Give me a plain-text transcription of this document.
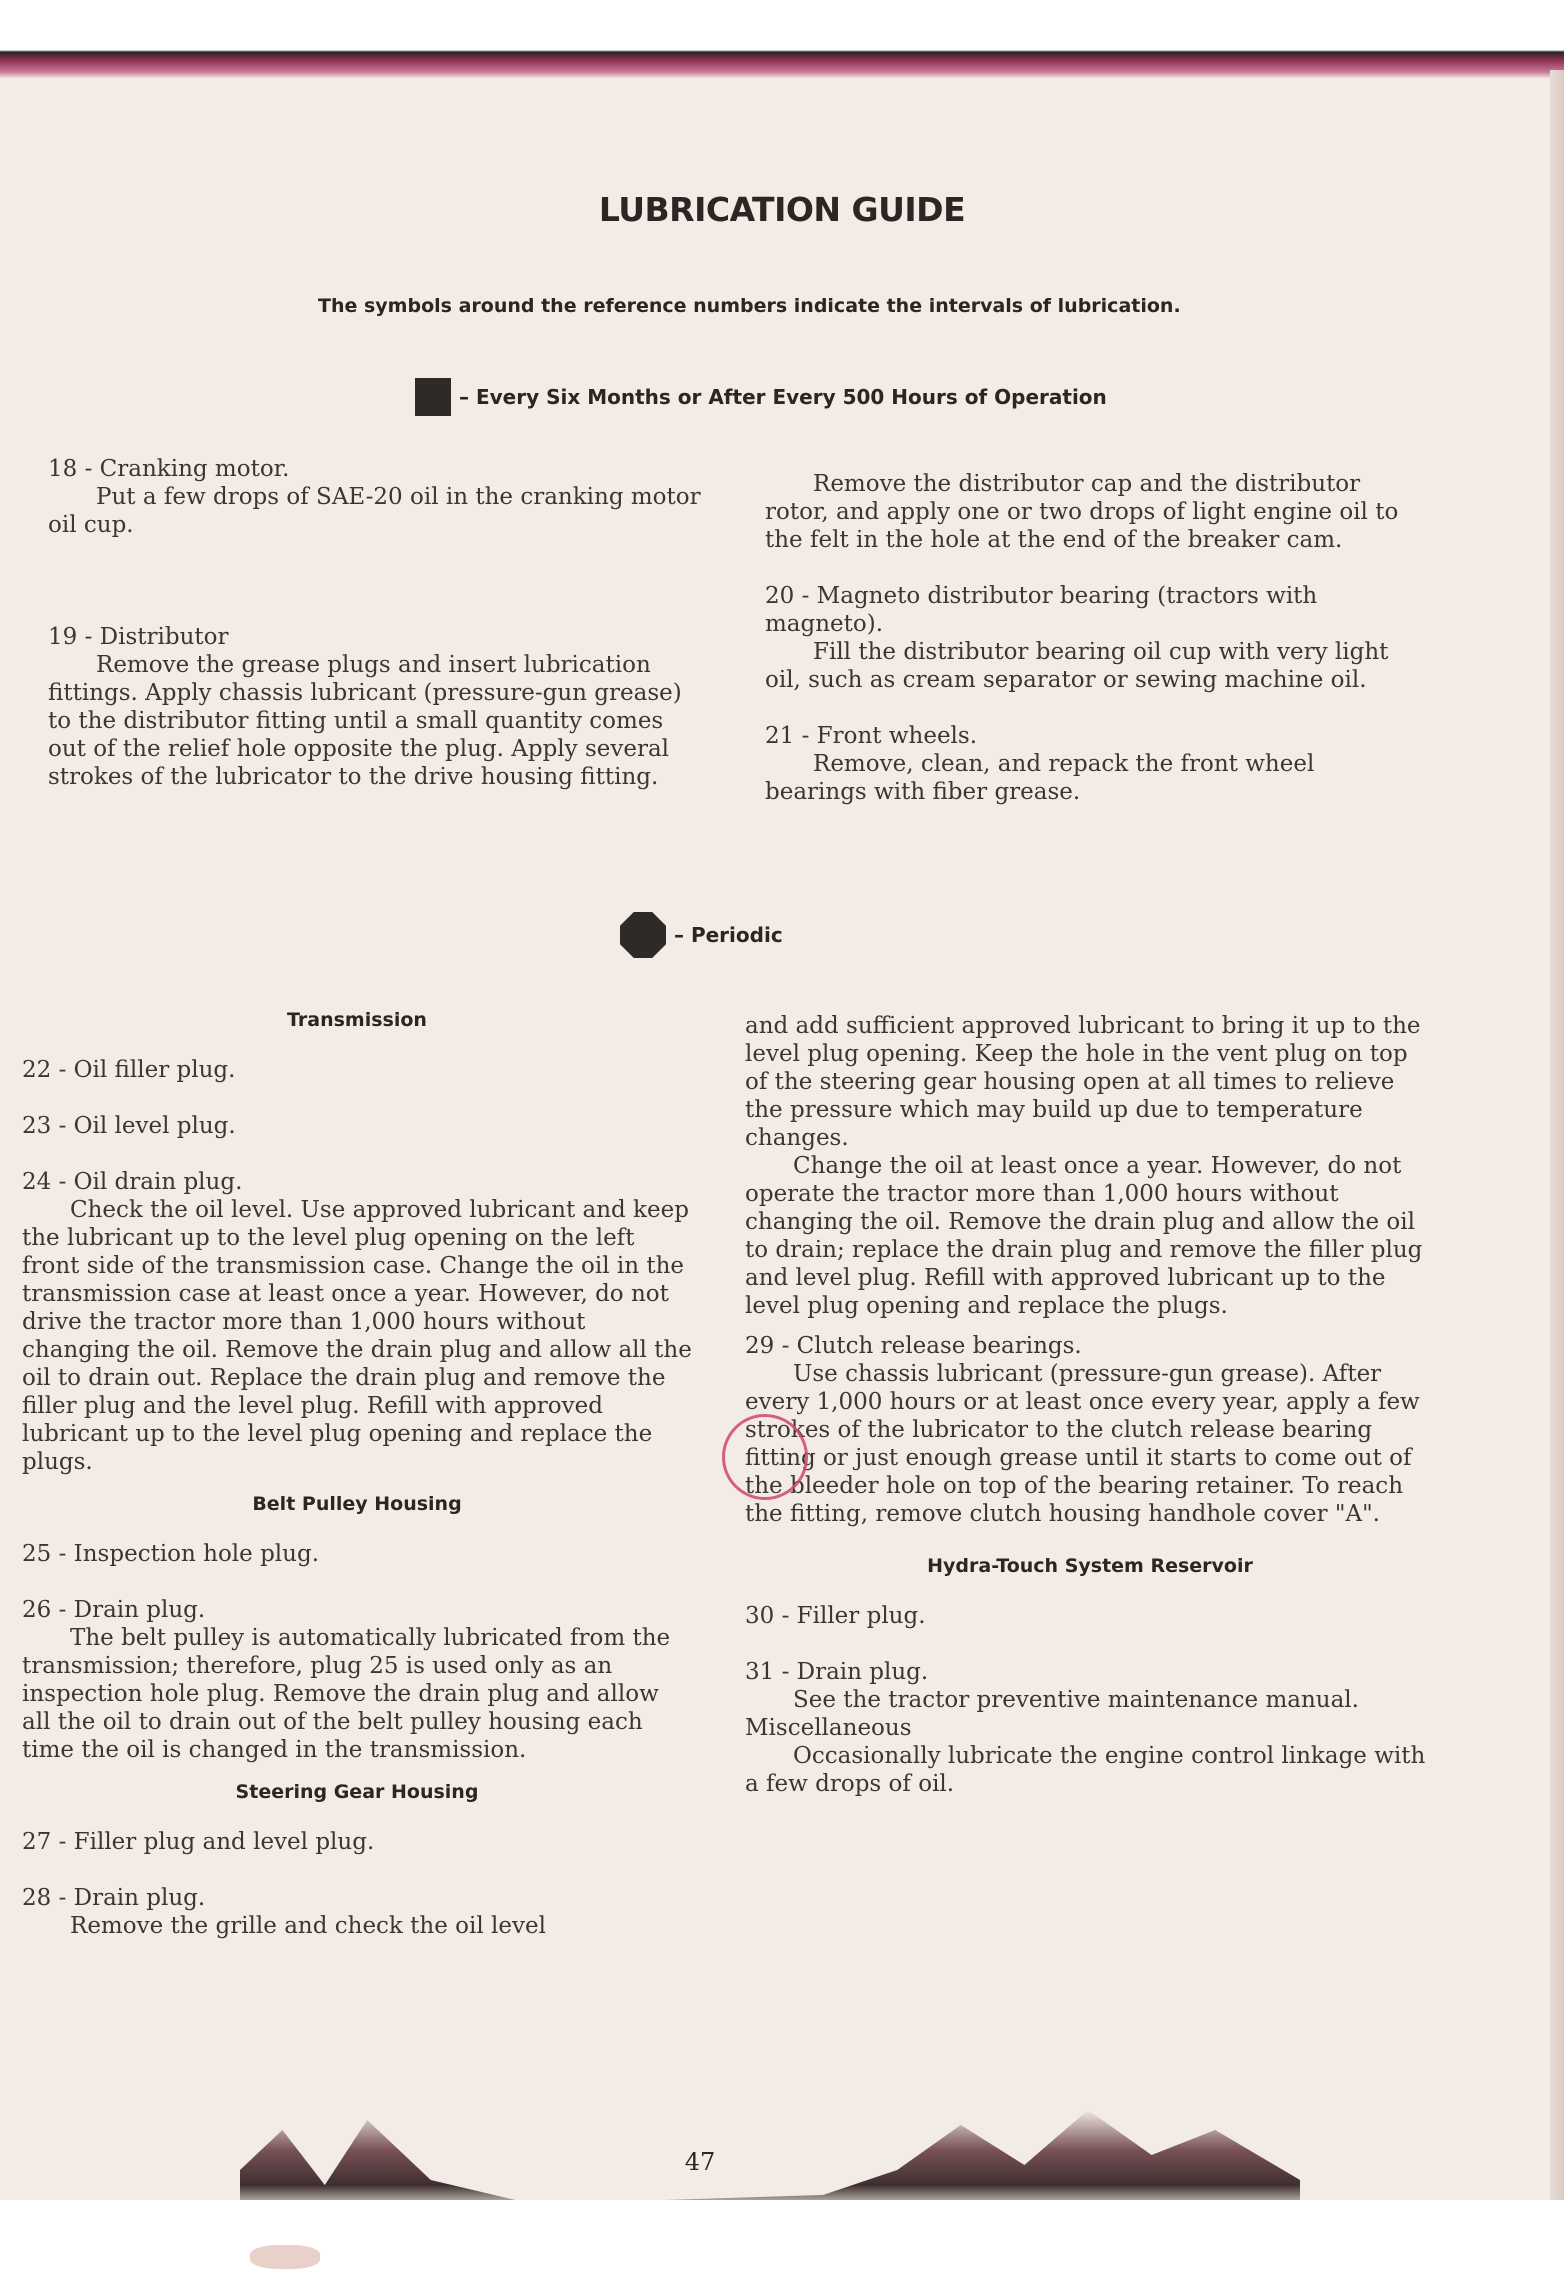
LUBRICATION GUIDE
The symbols around the reference numbers indicate the intervals of lubrication.
– Every Six Months or After Every 500 Hours of Operation

18 - Cranking motor.

Put a few drops of SAE-20 oil in the cranking motor oil cup.

19 - Distributor

Remove the grease plugs and insert lubrication fittings. Apply chassis lubricant (pressure-gun grease) to the distributor fitting until a small quantity comes out of the relief hole opposite the plug. Apply several strokes of the lubricator to the drive housing fitting.

Remove the distributor cap and the distributor rotor, and apply one or two drops of light engine oil to the felt in the hole at the end of the breaker cam.

20 - Magneto distributor bearing (tractors with magneto).

Fill the distributor bearing oil cup with very light oil, such as cream separator or sewing machine oil.

21 - Front wheels.

Remove, clean, and repack the front wheel bearings with fiber grease.

– Periodic
Transmission

22 - Oil filler plug.

23 - Oil level plug.

24 - Oil drain plug.

Check the oil level. Use approved lubricant and keep the lubricant up to the level plug opening on the left front side of the transmission case. Change the oil in the transmission case at least once a year. However, do not drive the tractor more than 1,000 hours without changing the oil. Remove the drain plug and allow all the oil to drain out. Replace the drain plug and remove the filler plug and the level plug. Refill with approved lubricant up to the level plug opening and replace the plugs.

Belt Pulley Housing

25 - Inspection hole plug.

26 - Drain plug.

The belt pulley is automatically lubricated from the transmission; therefore, plug 25 is used only as an inspection hole plug. Remove the drain plug and allow all the oil to drain out of the belt pulley housing each time the oil is changed in the transmission.

Steering Gear Housing

27 - Filler plug and level plug.

28 - Drain plug.

Remove the grille and check the oil level

and add sufficient approved lubricant to bring it up to the level plug opening. Keep the hole in the vent plug on top of the steering gear housing open at all times to relieve the pressure which may build up due to temperature changes.

Change the oil at least once a year. However, do not operate the tractor more than 1,000 hours without changing the oil. Remove the drain plug and allow the oil to drain; replace the drain plug and remove the filler plug and level plug. Refill with approved lubricant up to the level plug opening and replace the plugs.

29 - Clutch release bearings.

Use chassis lubricant (pressure-gun grease). After every 1,000 hours or at least once every year, apply a few strokes of the lubricator to the clutch release bearing fitting or just enough grease until it starts to come out of the bleeder hole on top of the bearing retainer. To reach the fitting, remove clutch housing handhole cover "A".

Hydra-Touch System Reservoir

30 - Filler plug.

31 - Drain plug.

See the tractor preventive maintenance manual.

Miscellaneous

Occasionally lubricate the engine control linkage with a few drops of oil.

47
